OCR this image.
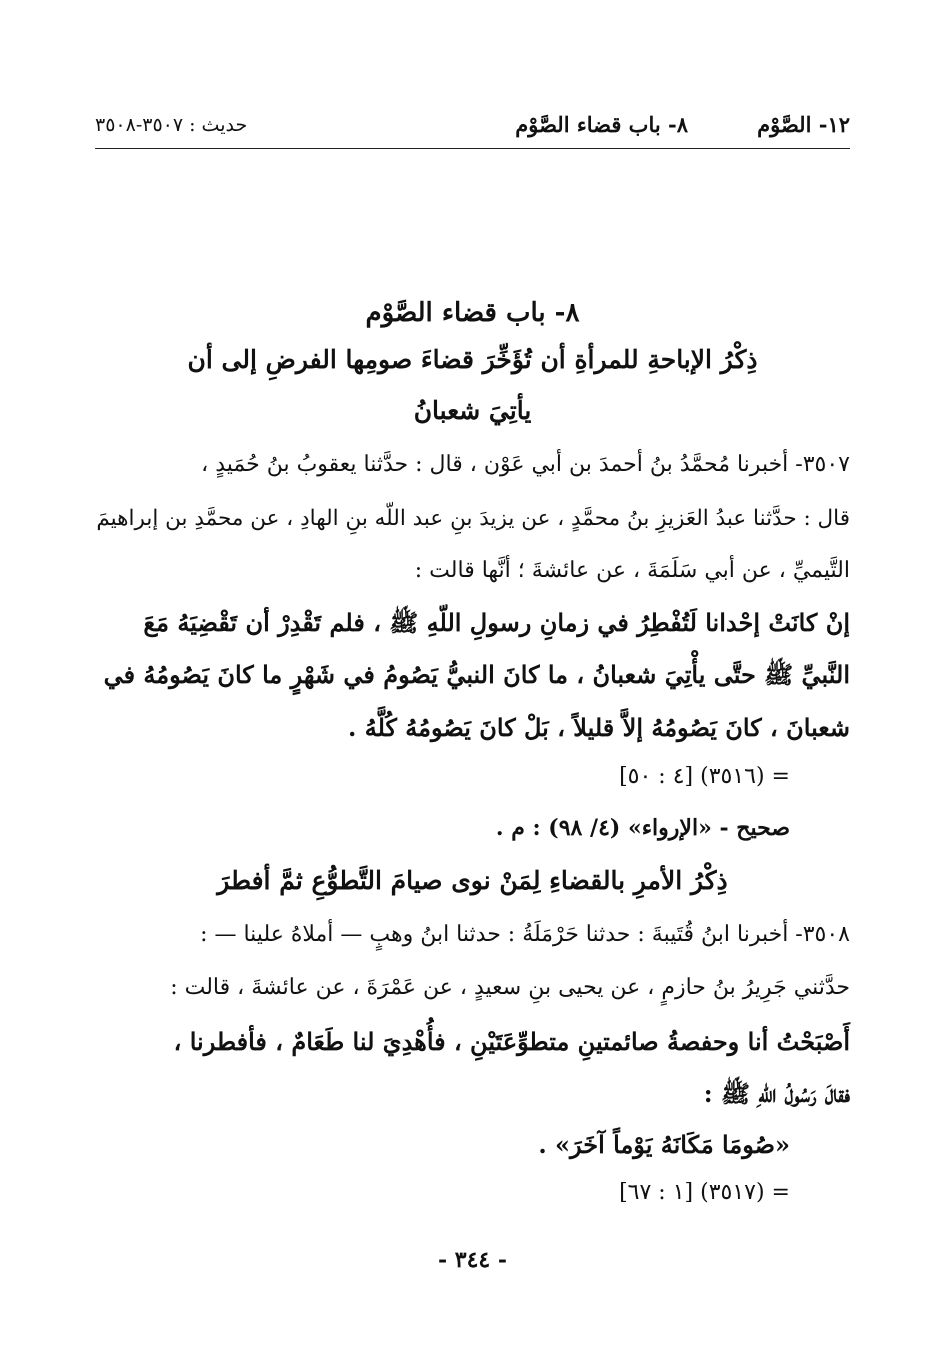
١٢- الصَّوْم
٨- باب قضاء الصَّوْم
حديث : ٣٥٠٧-٣٥٠٨
٨- باب قضاء الصَّوْم
ذِكْرُ الإباحةِ للمرأةِ أن تُؤَخِّرَ قضاءَ صومِها الفرضِ إلى أن
يأتِيَ شعبانُ
٣٥٠٧- أخبرنا مُحمَّدُ بنُ أحمدَ بن أبي عَوْن ، قال : حدَّثنا يعقوبُ بنُ حُمَيدٍ ،
قال : حدَّثنا عبدُ العَزيزِ بنُ محمَّدٍ ، عن يزيدَ بنِ عبد اللّه بنِ الهادِ ، عن محمَّدِ بن إبراهيمَ
التَّيميِّ ، عن أبي سَلَمَةَ ، عن عائشةَ ؛ أنَّها قالت :
إنْ كانَتْ إحْدانا لَتُفْطِرُ في زمانِ رسولِ اللّهِ ﷺ ، فلم تَقْدِرْ أن تَقْضِيَهُ مَعَ
النَّبيِّ ﷺ حتَّى يأْتِيَ شعبانُ ، ما كانَ النبيُّ يَصُومُ في شَهْرٍ ما كانَ يَصُومُهُ في
شعبانَ ، كانَ يَصُومُهُ إلاَّ قليلاً ، بَلْ كانَ يَصُومُهُ كُلَّهُ .
= (٣٥١٦) [٤ : ٥٠]
صحيح - «الإرواء» (٤/ ٩٨) : م .
ذِكْرُ الأمرِ بالقضاءِ لِمَنْ نوى صيامَ التَّطوُّعِ ثمَّ أفطرَ
٣٥٠٨- أخبرنا ابنُ قُتَيبةَ : حدثنا حَرْمَلَةُ : حدثنا ابنُ وهبٍ — أملاهُ علينا — :
حدَّثني جَرِيرُ بنُ حازمٍ ، عن يحيى بنِ سعيدٍ ، عن عَمْرَةَ ، عن عائشةَ ، قالت :
أَصْبَحْتُ أنا وحفصةُ صائمتينِ متطوِّعَتَيْنِ ، فأُهْدِيَ لنا طَعَامٌ ، فأفطرنا ،
فقالَ رَسُولُ اللّهِ ﷺ :
«صُومَا مَكَانَهُ يَوْماً آخَرَ» .
= (٣٥١٧) [١ : ٦٧]
- ٣٤٤ -
